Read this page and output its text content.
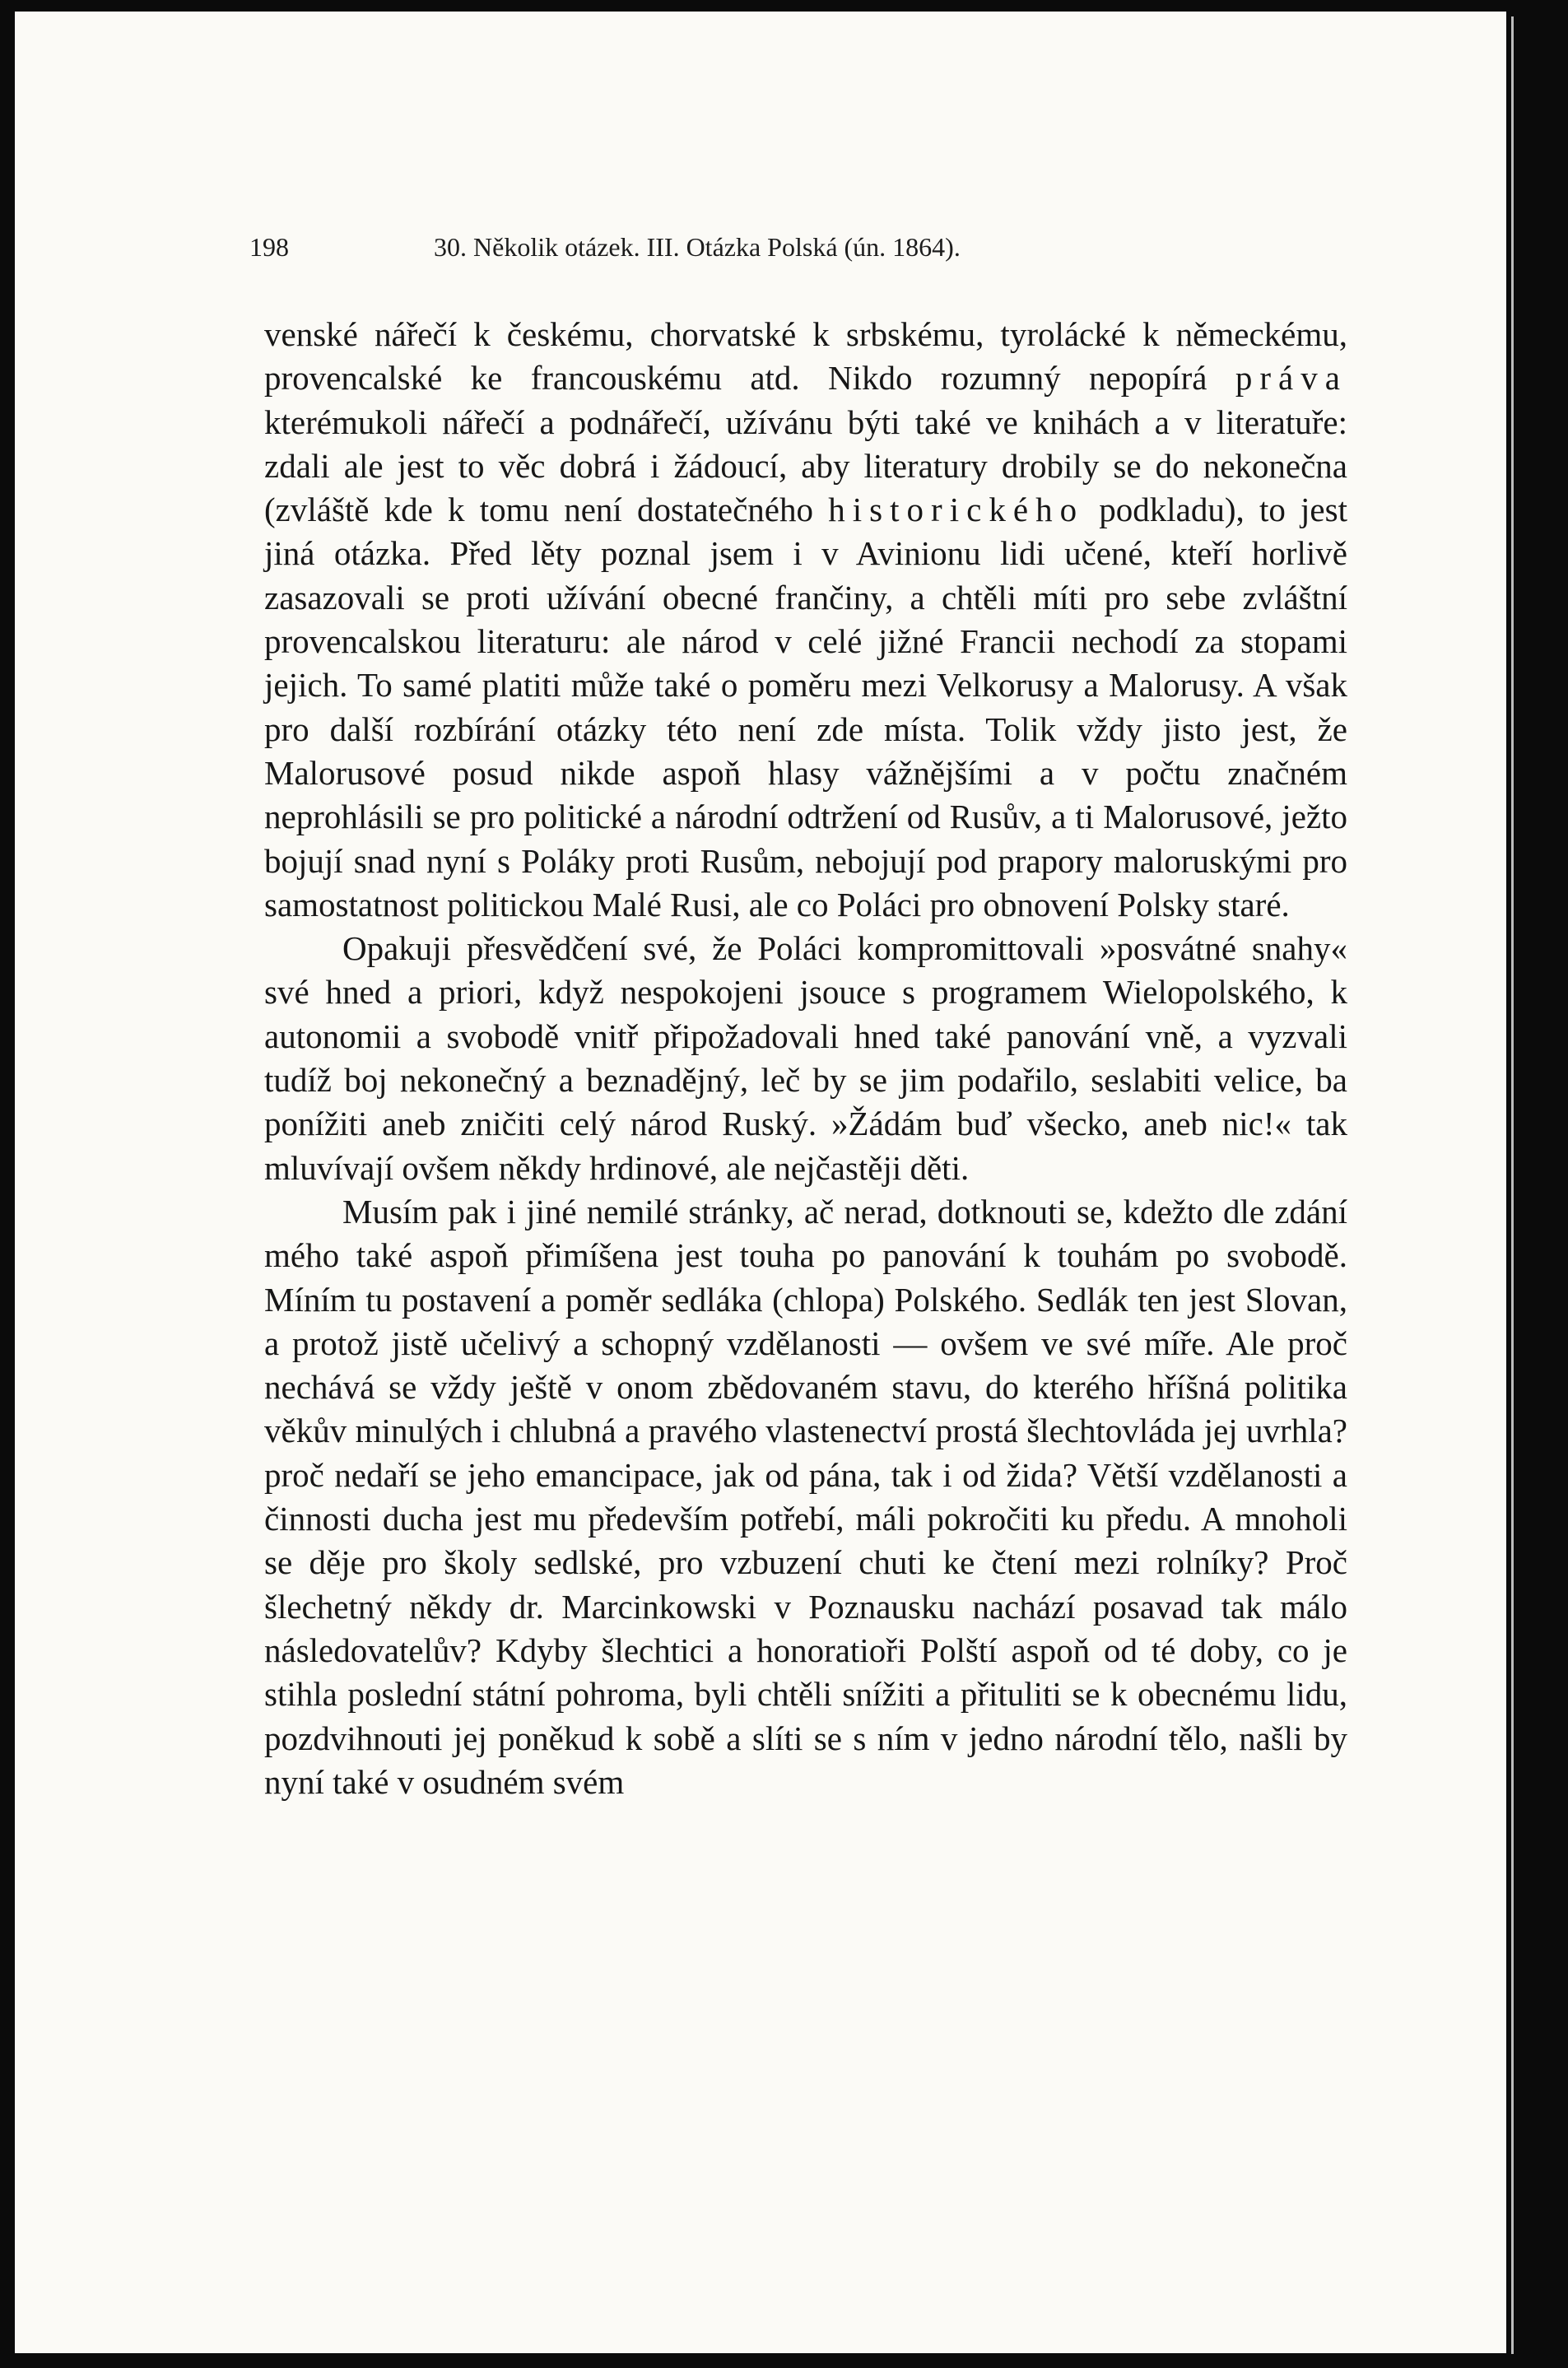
198	30. Několik otázek. III. Otázka Polská (ún. 1864).

venské nářečí k českému, chorvatské k srbskému, tyrolácké k německému, provencalské ke francouskému atd. Nikdo rozumný nepopírá práva kterémukoli nářečí a podnářečí, užívánu býti také ve knihách a v literatuře: zdali ale jest to věc dobrá i žádoucí, aby literatury drobily se do nekonečna (zvláště kde k tomu není dostatečného historického podkladu), to jest jiná otázka. Před lěty poznal jsem i v Avinionu lidi učené, kteří horlivě zasazovali se proti užívání obecné frančiny, a chtěli míti pro sebe zvláštní provencalskou literaturu: ale národ v celé jižné Francii nechodí za stopami jejich. To samé platiti může také o poměru mezi Velkorusy a Malorusy. A však pro další rozbírání otázky této není zde místa. Tolik vždy jisto jest, že Malorusové posud nikde aspoň hlasy vážnějšími a v počtu značném neprohlásili se pro politické a národní odtržení od Rusův, a ti Malorusové, ježto bojují snad nyní s Poláky proti Rusům, nebojují pod prapory maloruskými pro samostatnost politickou Malé Rusi, ale co Poláci pro obnovení Polsky staré.

Opakuji přesvědčení své, že Poláci kompromittovali »posvátné snahy« své hned a priori, když nespokojeni jsouce s programem Wielopolského, k autonomii a svobodě vnitř připožadovali hned také panování vně, a vyzvali tudíž boj nekonečný a beznadějný, leč by se jim podařilo, seslabiti velice, ba ponížiti aneb zničiti celý národ Ruský. »Žádám buď všecko, aneb nic!« tak mluvívají ovšem někdy hrdinové, ale nejčastěji děti.

Musím pak i jiné nemilé stránky, ač nerad, dotknouti se, kdežto dle zdání mého také aspoň přimíšena jest touha po panování k touhám po svobodě. Míním tu postavení a poměr sedláka (chlopa) Polského. Sedlák ten jest Slovan, a protož jistě učelivý a schopný vzdělanosti — ovšem ve své míře. Ale proč nechává se vždy ještě v onom zbědovaném stavu, do kterého hříšná politika věkův minulých i chlubná a pravého vlastenectví prostá šlechtovláda jej uvrhla? proč nedaří se jeho emancipace, jak od pána, tak i od žida? Větší vzdělanosti a činnosti ducha jest mu především potřebí, máli pokročiti ku předu. A mnoholi se děje pro školy sedlské, pro vzbuzení chuti ke čtení mezi rolníky? Proč šlechetný někdy dr. Marcinkowski v Poznausku nachází posavad tak málo následovatelův? Kdyby šlechtici a honoratioři Polští aspoň od té doby, co je stihla poslední státní pohroma, byli chtěli snížiti a přituliti se k obecnému lidu, pozdvihnouti jej poněkud k sobě a slíti se s ním v jedno národní tělo, našli by nyní také v osudném svém
